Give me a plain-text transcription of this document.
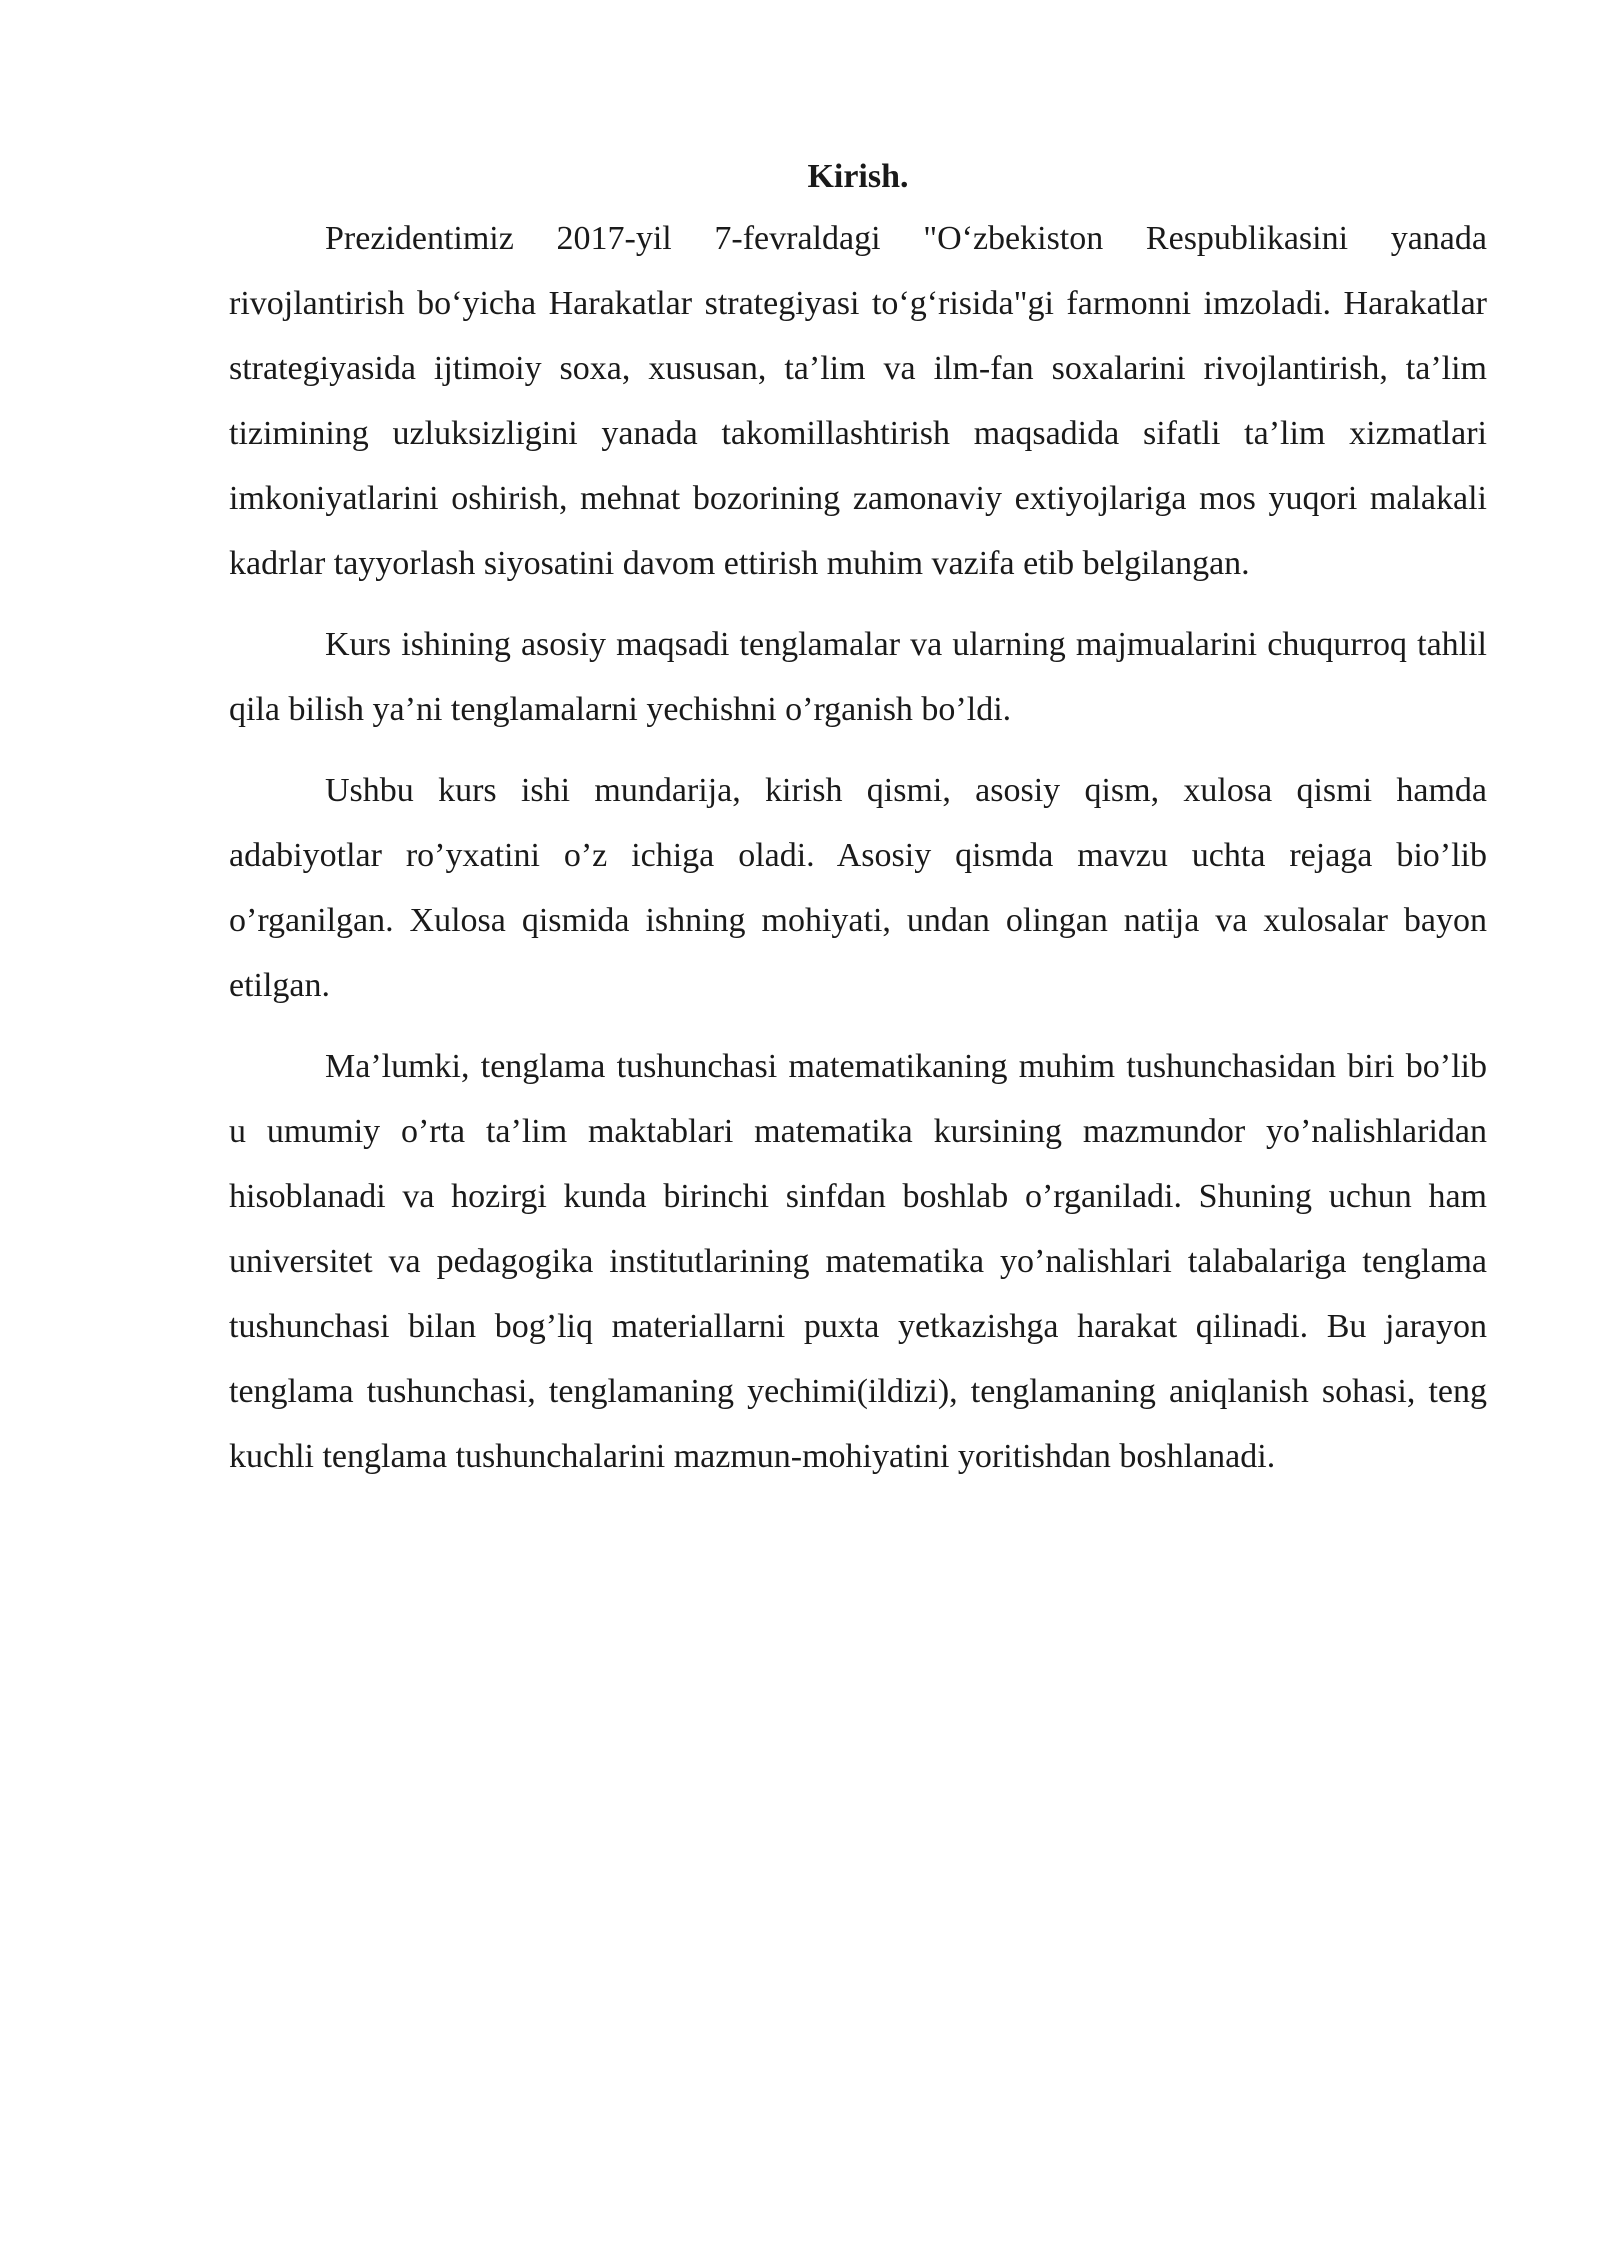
Kirish.

Prezidentimiz 2017-yil 7-fevraldagi "O‘zbekiston Respublikasini yanada rivojlantirish bo‘yicha Harakatlar strategiyasi to‘g‘risida"gi farmonni imzoladi. Harakatlar strategiyasida ijtimoiy soxa, xususan, ta’lim va ilm-fan soxalarini rivojlantirish, ta’lim tizimining uzluksizligini yanada takomillashtirish maqsadida sifatli ta’lim xizmatlari imkoniyatlarini oshirish, mehnat bozorining zamonaviy extiyojlariga mos yuqori malakali kadrlar tayyorlash siyosatini davom ettirish muhim vazifa etib belgilangan.

Kurs ishining asosiy maqsadi tenglamalar va ularning majmualarini chuqurroq tahlil qila bilish ya’ni tenglamalarni yechishni o’rganish bo’ldi.

Ushbu kurs ishi mundarija, kirish qismi, asosiy qism, xulosa qismi hamda adabiyotlar ro’yxatini o’z ichiga oladi. Asosiy qismda mavzu uchta rejaga bio’lib o’rganilgan. Xulosa qismida ishning mohiyati, undan olingan natija va xulosalar bayon etilgan.

Ma’lumki, tenglama tushunchasi matematikaning muhim tushunchasidan biri bo’lib u umumiy o’rta ta’lim maktablari matematika kursining mazmundor yo’nalishlaridan hisoblanadi va hozirgi kunda birinchi sinfdan boshlab o’rganiladi. Shuning uchun ham universitet va pedagogika institutlarining matematika yo’nalishlari talabalariga tenglama tushunchasi bilan bog’liq materiallarni puxta yetkazishga harakat qilinadi. Bu jarayon tenglama tushunchasi, tenglamaning yechimi(ildizi), tenglamaning aniqlanish sohasi, teng kuchli tenglama tushunchalarini mazmun-mohiyatini yoritishdan boshlanadi.
